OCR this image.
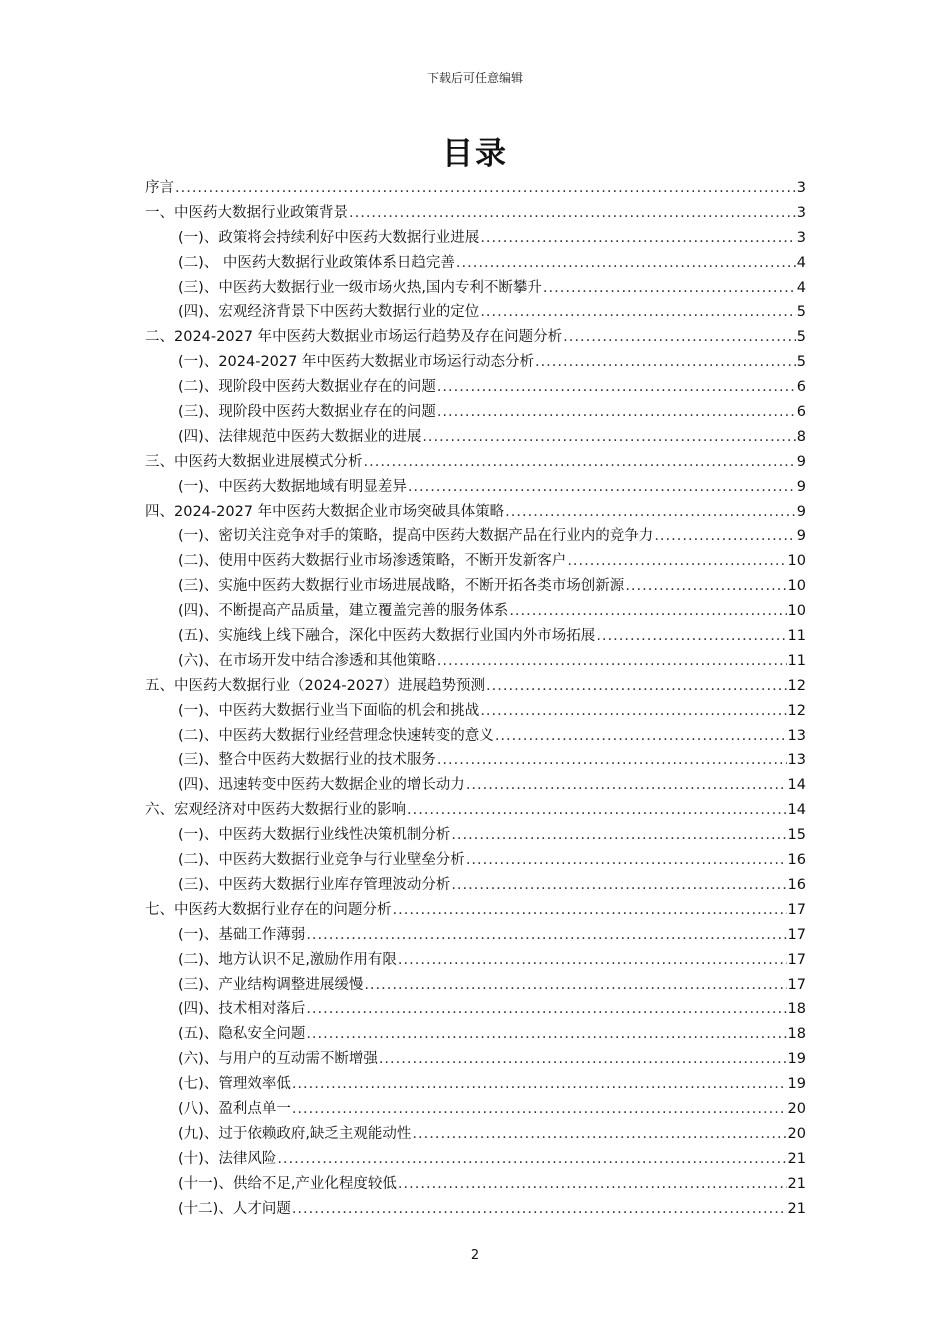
下载后可任意编辑
目录
序言 .....	3
一、中医药大数据行业政策背景 .....	3
(一)、政策将会持续利好中医药大数据行业进展 .....	3
(二)、 中医药大数据行业政策体系日趋完善 .....	4
(三)、中医药大数据行业一级市场火热,国内专利不断攀升 .....	4
(四)、宏观经济背景下中医药大数据行业的定位 .....	5
二、2024-2027 年中医药大数据业市场运行趋势及存在问题分析 .....	5
(一)、2024-2027 年中医药大数据业市场运行动态分析 .....	5
(二)、现阶段中医药大数据业存在的问题 .....	6
(三)、现阶段中医药大数据业存在的问题 .....	6
(四)、法律规范中医药大数据业的进展 .....	8
三、中医药大数据业进展模式分析 .....	9
(一)、中医药大数据地域有明显差异 .....	9
四、2024-2027 年中医药大数据企业市场突破具体策略 .....	9
(一)、密切关注竞争对手的策略，提高中医药大数据产品在行业内的竞争力 .....	9
(二)、使用中医药大数据行业市场渗透策略，不断开发新客户 .....	10
(三)、实施中医药大数据行业市场进展战略，不断开拓各类市场创新源 .....	10
(四)、不断提高产品质量，建立覆盖完善的服务体系 .....	10
(五)、实施线上线下融合，深化中医药大数据行业国内外市场拓展 .....	11
(六)、在市场开发中结合渗透和其他策略 .....	11
五、中医药大数据行业（2024-2027）进展趋势预测 .....	12
(一)、中医药大数据行业当下面临的机会和挑战 .....	12
(二)、中医药大数据行业经营理念快速转变的意义 .....	13
(三)、整合中医药大数据行业的技术服务 .....	13
(四)、迅速转变中医药大数据企业的增长动力 .....	14
六、宏观经济对中医药大数据行业的影响 .....	14
(一)、中医药大数据行业线性决策机制分析 .....	15
(二)、中医药大数据行业竞争与行业壁垒分析 .....	16
(三)、中医药大数据行业库存管理波动分析 .....	16
七、中医药大数据行业存在的问题分析 .....	17
(一)、基础工作薄弱 .....	17
(二)、地方认识不足,激励作用有限 .....	17
(三)、产业结构调整进展缓慢 .....	17
(四)、技术相对落后 .....	18
(五)、隐私安全问题 .....	18
(六)、与用户的互动需不断增强 .....	19
(七)、管理效率低 .....	19
(八)、盈利点单一 .....	20
(九)、过于依赖政府,缺乏主观能动性 .....	20
(十)、法律风险 .....	21
(十一)、供给不足,产业化程度较低 .....	21
(十二)、人才问题 .....	21
2
